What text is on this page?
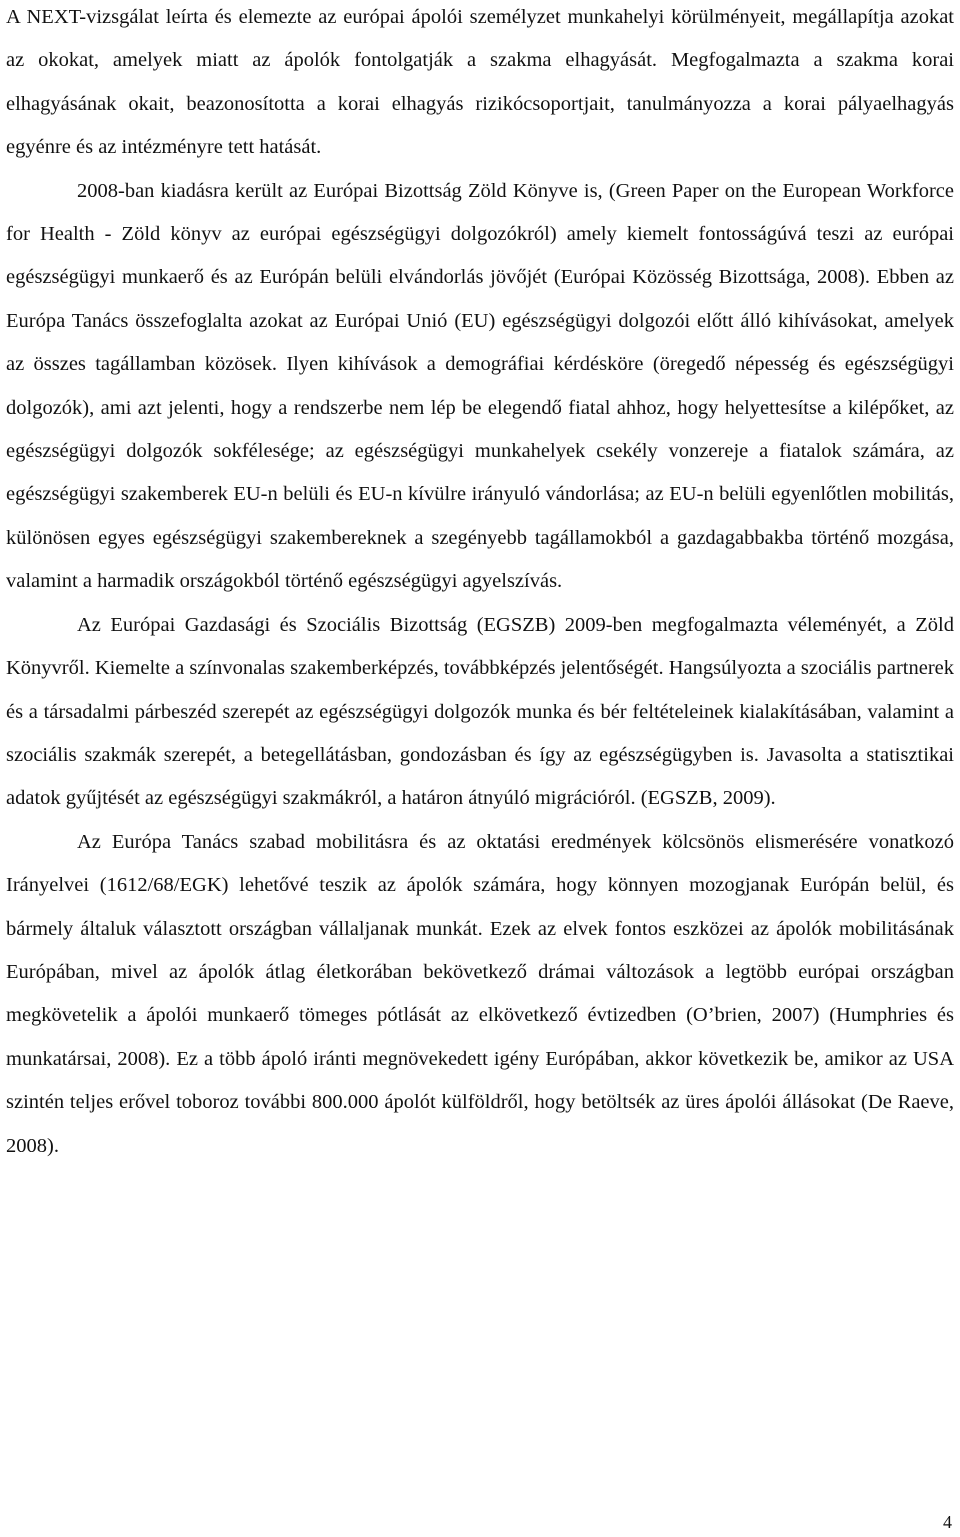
A NEXT-vizsgálat leírta és elemezte az európai ápolói személyzet munkahelyi körülményeit, megállapítja azokat az okokat, amelyek miatt az ápolók fontolgatják a szakma elhagyását. Megfogalmazta a szakma korai elhagyásának okait, beazonosította a korai elhagyás rizikócsoportjait, tanulmányozza a korai pályaelhagyás egyénre és az intézményre tett hatását.

2008-ban kiadásra került az Európai Bizottság Zöld Könyve is, (Green Paper on the European Workforce for Health - Zöld könyv az európai egészségügyi dolgozókról) amely kiemelt fontosságúvá teszi az európai egészségügyi munkaerő és az Európán belüli elvándorlás jövőjét (Európai Közösség Bizottsága, 2008). Ebben az Európa Tanács összefoglalta azokat az Európai Unió (EU) egészségügyi dolgozói előtt álló kihívásokat, amelyek az összes tagállamban közösek. Ilyen kihívások a demográfiai kérdésköre (öregedő népesség és egészségügyi dolgozók), ami azt jelenti, hogy a rendszerbe nem lép be elegendő fiatal ahhoz, hogy helyettesítse a kilépőket, az egészségügyi dolgozók sokfélesége; az egészségügyi munkahelyek csekély vonzereje a fiatalok számára, az egészségügyi szakemberek EU-n belüli és EU-n kívülre irányuló vándorlása; az EU-n belüli egyenlőtlen mobilitás, különösen egyes egészségügyi szakembereknek a szegényebb tagállamokból a gazdagabbakba történő mozgása, valamint a harmadik országokból történő egészségügyi agyelszívás.

Az Európai Gazdasági és Szociális Bizottság (EGSZB) 2009-ben megfogalmazta véleményét, a Zöld Könyvről. Kiemelte a színvonalas szakemberképzés, továbbképzés jelentőségét. Hangsúlyozta a szociális partnerek és a társadalmi párbeszéd szerepét az egészségügyi dolgozók munka és bér feltételeinek kialakításában, valamint a szociális szakmák szerepét, a betegellátásban, gondozásban és így az egészségügyben is. Javasolta a statisztikai adatok gyűjtését az egészségügyi szakmákról, a határon átnyúló migrációról. (EGSZB, 2009).

Az Európa Tanács szabad mobilitásra és az oktatási eredmények kölcsönös elismerésére vonatkozó Irányelvei (1612/68/EGK) lehetővé teszik az ápolók számára, hogy könnyen mozogjanak Európán belül, és bármely általuk választott országban vállaljanak munkát. Ezek az elvek fontos eszközei az ápolók mobilitásának Európában, mivel az ápolók átlag életkorában bekövetkező drámai változások a legtöbb európai országban megkövetelik a ápolói munkaerő tömeges pótlását az elkövetkező évtizedben (O’brien, 2007) (Humphries és munkatársai, 2008). Ez a több ápoló iránti megnövekedett igény Európában, akkor következik be, amikor az USA szintén teljes erővel toboroz további 800.000 ápolót külföldről, hogy betöltsék az üres ápolói állásokat (De Raeve, 2008).

4
